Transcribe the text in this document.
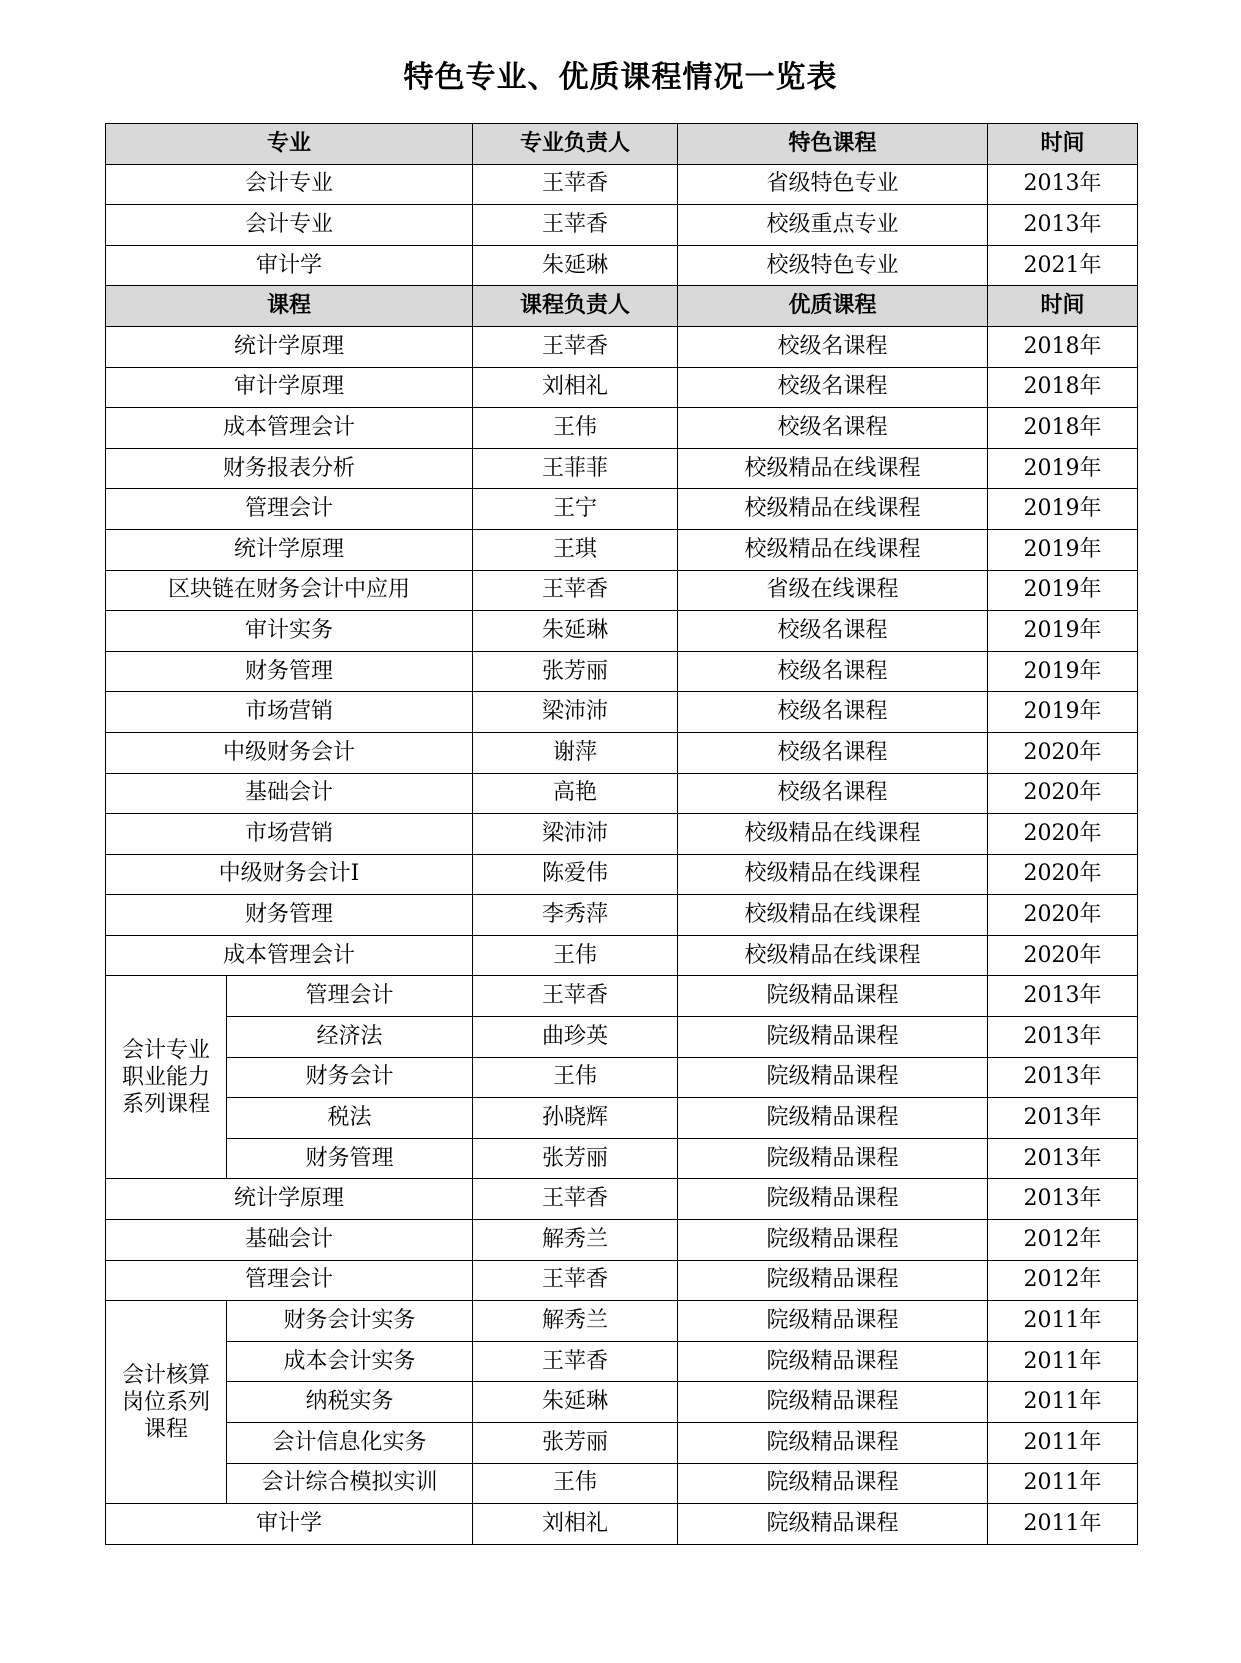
特色专业、优质课程情况一览表
专业		专业负责人	特色课程	时间
会计专业		王苹香	省级特色专业	2013年
会计专业		王苹香	校级重点专业	2013年
审计学		朱延琳	校级特色专业	2021年
课程		课程负责人	优质课程	时间
统计学原理		王苹香	校级名课程	2018年
审计学原理		刘相礼	校级名课程	2018年
成本管理会计		王伟	校级名课程	2018年
财务报表分析		王菲菲	校级精品在线课程	2019年
管理会计		王宁	校级精品在线课程	2019年
统计学原理		王琪	校级精品在线课程	2019年
区块链在财务会计中应用		王苹香	省级在线课程	2019年
审计实务		朱延琳	校级名课程	2019年
财务管理		张芳丽	校级名课程	2019年
市场营销		梁沛沛	校级名课程	2019年
中级财务会计		谢萍	校级名课程	2020年
基础会计		高艳	校级名课程	2020年
市场营销		梁沛沛	校级精品在线课程	2020年
中级财务会计I		陈爱伟	校级精品在线课程	2020年
财务管理		李秀萍	校级精品在线课程	2020年
成本管理会计		王伟	校级精品在线课程	2020年
会计专业职业能力系列课程	管理会计	王苹香	院级精品课程	2013年
	经济法	曲珍英	院级精品课程	2013年
	财务会计	王伟	院级精品课程	2013年
	税法	孙晓辉	院级精品课程	2013年
	财务管理	张芳丽	院级精品课程	2013年
统计学原理		王苹香	院级精品课程	2013年
基础会计		解秀兰	院级精品课程	2012年
管理会计		王苹香	院级精品课程	2012年
会计核算岗位系列课程	财务会计实务	解秀兰	院级精品课程	2011年
	成本会计实务	王苹香	院级精品课程	2011年
	纳税实务	朱延琳	院级精品课程	2011年
	会计信息化实务	张芳丽	院级精品课程	2011年
	会计综合模拟实训	王伟	院级精品课程	2011年
审计学		刘相礼	院级精品课程	2011年
